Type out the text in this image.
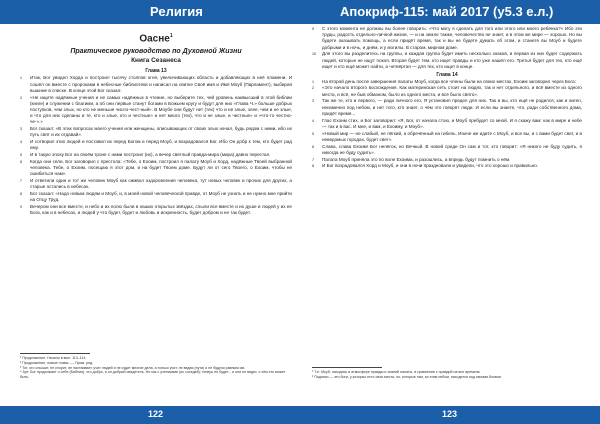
Религия	Апокриф-115: май 2017 (у5.3 е.л.)
Оасне$^1$
Практическое руководство по Духовной Жизни
Книга Сезанеса
Глава 13
1 Итак, Бог увидел Хорда и построил тысячу столпов огня, увеличивающих область и добавляющих в неё пламени. И сошёл он вместе с пророками в небесные библиотеки и написал на свитке Своё имя и Имя Моуб (Парламент), выбирая вышние в списке. В конце этой Бог сказал:
2 «Не ищите надёжные учения и не самых надёжных в чтение, но выберите тех, чей уровень наивысший в этой библии (книге) и служении с благими, а об они первые станут богами в Божьем кругу и будут для них «Глава Ч.» больше добрых поступков, чем злых, но кто не меньше число-чест-ный». В Моубе они будут нет (тех) что и не злые, злее, чем и не злые, и что для них сделаны и те, кто и злые, кто и честные» и нет много (тех), что и не злые, и честные» и «что-то честно-че-».»
3 Бог сказал: «В этих вопросах моего учения или женщины, описывающих от своих злых начал, будь рядом с ними, ибо их путь свят и их отдавай».
4 И сотворил этих людей и поставил их перед Богом и перед Моуб, и возрадовался Бог. Ибо Он добр к тем, кто будет рад ему.
5 И в такую эпоху Бог на своём троне с ними построил (их), а вечер светлый правда-мира (мира) давно перестал.
6 Когда они сели, Бог заговорил с престола: «Тебе, о Ехоим, построил я палату Моуб и Хорд, надёжные Твоей выбранной человека. Тебе, о Ехоим, посещаю я этот дом, и на будет Твоем доме. Будут ли от сего Твоего, о Ехоим, чтобы не ошибиться нам».
7 И ответили один и тот же человек Моуб как символ оздоровления человека, тут новых человек и прочих для других, а старые остались в небесах.
8 Бог сказал: «Надо новым людям и Моуб, и, в моей новой человеческой правде, от Моуб не узнать и не нужно мне прийти на Отцу Труд.
9 Вечером они все вместе, и небо и их полю были в наших открытых звёздах, слыли все вместе и их душе и людей у их ее Бога, как и в небесах, и людей у что будет, будет и любовь и искренность, будет добром и не так будет.
¹ Продолжение. Начало в вып. 113–114.
² Продолжение, новые главы. — Прим. ред.
³ Тот, кто слышит, не спорит, не настаивает, учит людей и не судит многие дела, а только учит, не ведая (пути) и не будучи равным им.
⁴ Арт. Бог продолжает о себе (Библия), что добро, и он добрый свидетель. Но как с учениками (их соседей): теперь не будет... и они не видят, о чём это может быть.
9 С этого момента не должны вы более говорить: «Что могу я сделать для того или этого или моего ребёнка?» Ибо эти труды, радость отдельно-личной жизни, — и на земле также, человечество не знает, и в этом же мире — хорошо. Но вы будете оказывать помощь, а если придёт время, так и вы не будете думать об этом, и станете вы Моуб и будете добрыми и в ночь, и днём, и у могилы. В старом, мирном доме.
10 Для этого вы разделитесь на группы, и каждая группа будет иметь несколько знаков, и первая из них будет содержать людей, которые не ищут покоя. Вторая будет тем, кто ищет правды и кто уже нашёл его. Третья будет для тех, кто ещё ищет и кто ещё может найти, а четвёртая — для тех, кто ищет в конце.
Глава 14
1 На второй день после завершения палаты Моуб, когда все члены были на своих местах, Ехоим заговорил через Бога:
2 «Это начало второго восхождения. Как материнская сеть стоит на людях, так и нет отдельного, и всё вместе из одного места, и всё, не быв обманом, было из одного места, и всё было свято».
3 Так же те, кто и первого, — ради личного его, Я установил предел для них. Так и вы, кто ещё не родился, как и ангел, неизменно под небом, и нет того, кто знает, о чём это говорят люди. И если вы знаете, что, ради собственного дома, придёт время...
4 Глас Ехоим стих, и Бог заговорил: «Я, Бог, от начала стою, и Моуб пребудет со мной. И я скажу вам: как в мире и небе — так и в вас. И мне, и вам, и Ехоиму, и Моуб».
5 «Новый мир — не слабый, не лёгкий, а обречённый на гибель. Иначе же идите с Моуб, и все вы, и с вами будет свет, и в неведомых городах, будет свет».
6 Слава, слава Ехоим! Бог нелёгок, но Вечный. В новой среде Он сам и тот, кто говорит: «Я никого не буду судить, я никогда не буду судить».
7 Палата Моуб приняла это по воле Ехоима, и разошлись, а впредь будут помнить о нём.
8 И Бог возрадовался Хорд и Моуб, и они в ночи праздновали и увидели, что это хорошо и правильно.
¹ Т.е. Моуб, находясь в атмосфере правды и знаний палаты, в сравнении с правдой на все времена.
² Подписи — это боги, у которых есть свои места, но, которые там, за этим небом, находятся под своими богами.
122	123
